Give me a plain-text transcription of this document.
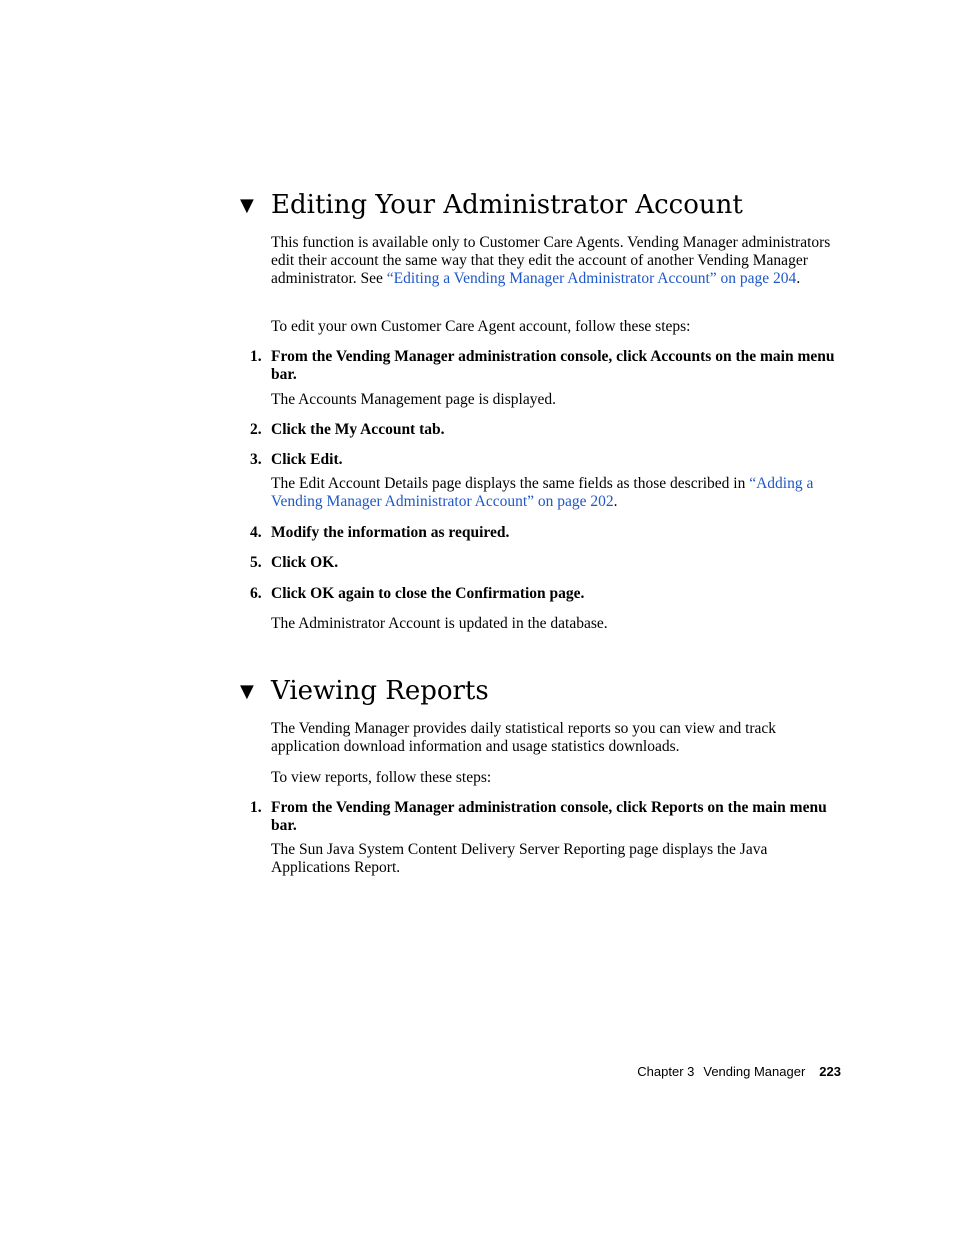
▼ Editing Your Administrator Account

This function is available only to Customer Care Agents. Vending Manager administrators edit their account the same way that they edit the account of another Vending Manager administrator. See “Editing a Vending Manager Administrator Account” on page 204.

To edit your own Customer Care Agent account, follow these steps:

1. From the Vending Manager administration console, click Accounts on the main menu bar.

The Accounts Management page is displayed.

2. Click the My Account tab.

3. Click Edit.

The Edit Account Details page displays the same fields as those described in “Adding a Vending Manager Administrator Account” on page 202.

4. Modify the information as required.

5. Click OK.

6. Click OK again to close the Confirmation page.

The Administrator Account is updated in the database.

▼ Viewing Reports

The Vending Manager provides daily statistical reports so you can view and track application download information and usage statistics downloads.

To view reports, follow these steps:

1. From the Vending Manager administration console, click Reports on the main menu bar.

The Sun Java System Content Delivery Server Reporting page displays the Java Applications Report.

Chapter 3 Vending Manager 223
